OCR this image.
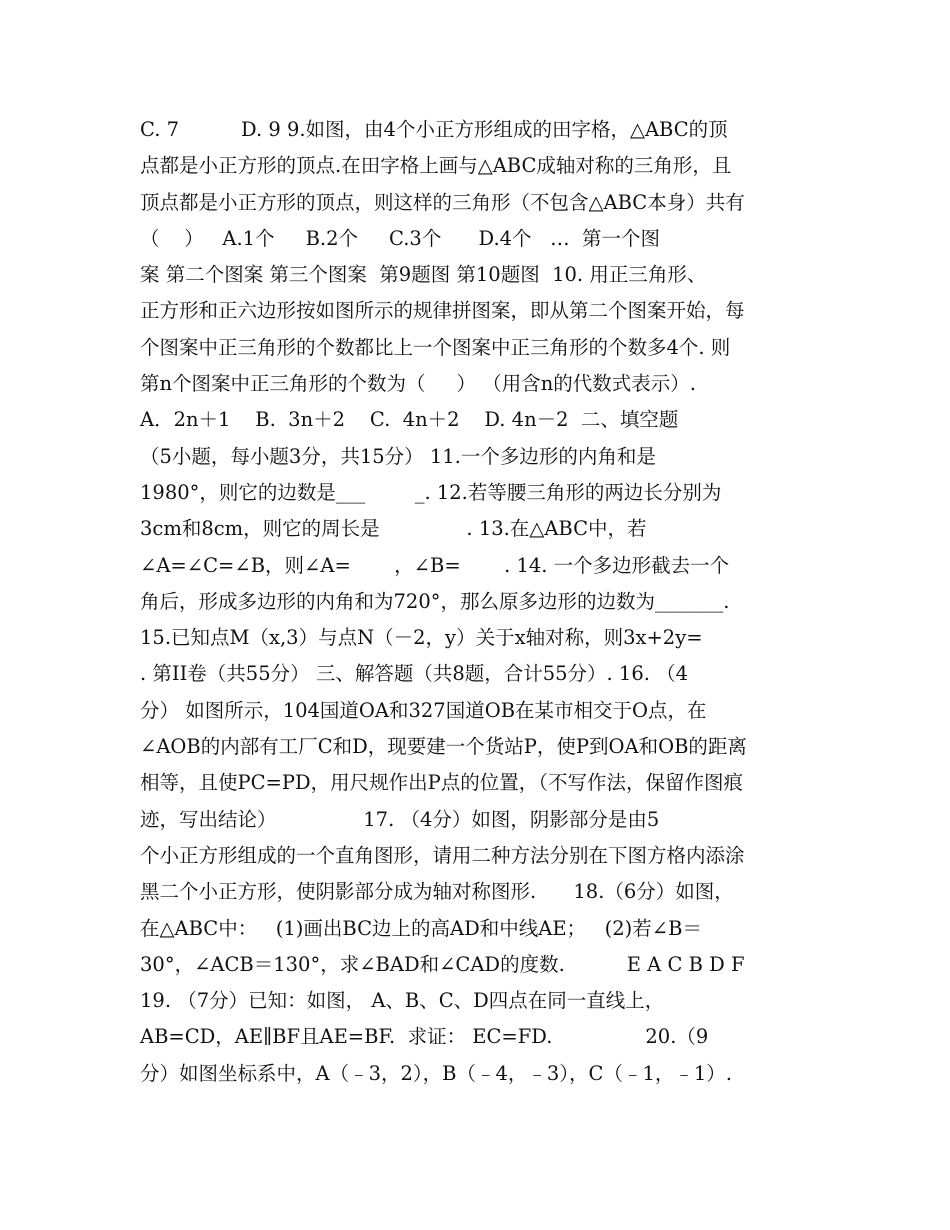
C. 7          D. 9 9.如图，由4个小正方形组成的田字格，△ABC的顶
点都是小正方形的顶点.在田字格上画与△ABC成轴对称的三角形，且
顶点都是小正方形的顶点，则这样的三角形（不包含△ABC本身）共有
（    ）   A.1个     B.2个     C.3个      D.4个   …  第一个图
案 第二个图案 第三个图案  第9题图 第10题图  10. 用正三角形、
正方形和正六边形按如图所示的规律拼图案，即从第二个图案开始，每
个图案中正三角形的个数都比上一个图案中正三角形的个数多4个. 则
第n个图案中正三角形的个数为（     ） （用含n的代数式表示）.
A．2n＋1    B.  3n＋2    C.  4n＋2    D. 4n－2  二、填空题
（5小题，每小题3分，共15分） 11.一个多边形的内角和是
1980°，则它的边数是___        _. 12.若等腰三角形的两边长分别为
3cm和8cm，则它的周长是              . 13.在△ABC中，若
∠A=∠C=∠B，则∠A=       ，∠B=       . 14. 一个多边形截去一个
角后，形成多边形的内角和为720°，那么原多边形的边数为_______.
15.已知点M（x,3）与点N（－2，y）关于x轴对称，则3x+2y=
. 第II卷（共55分） 三、解答题（共8题，合计55分）. 16. （4
分） 如图所示，104国道OA和327国道OB在某市相交于O点，在
∠AOB的内部有工厂C和D，现要建一个货站P，使P到OA和OB的距离
相等，且使PC=PD，用尺规作出P点的位置，（不写作法，保留作图痕
迹，写出结论）              17. （4分）如图，阴影部分是由5
个小正方形组成的一个直角图形，请用二种方法分别在下图方格内添涂
黑二个小正方形，使阴影部分成为轴对称图形.      18.（6分）如图，
在△ABC中：   (1)画出BC边上的高AD和中线AE；   (2)若∠B＝
30°，∠ACB＝130°，求∠BAD和∠CAD的度数.          E A C B D F
19. （7分）已知：如图， A、B、C、D四点在同一直线上，
AB=CD，AE∥BF且AE=BF.  求证： EC=FD.               20.（9
分）如图坐标系中，A（﹣3，2），B（﹣4，﹣3），C（﹣1，﹣1）.
